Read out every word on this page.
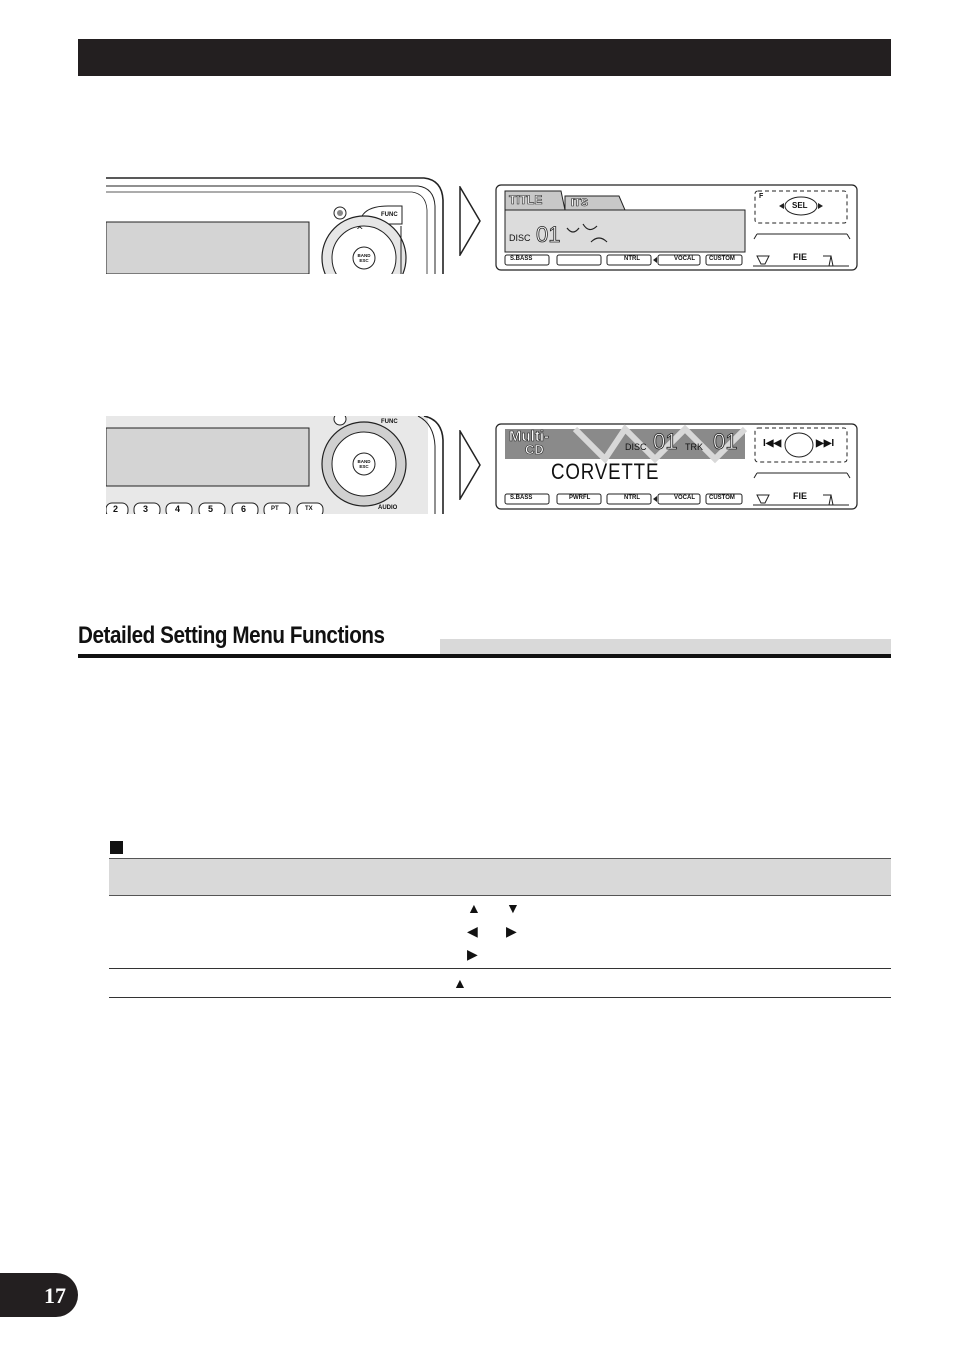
^
FUNC
BAND ESC
TITLE	ITS
DISC 01
F
SEL
FIE
S.BASS	NTRL	VOCAL CUSTOM
FUNC
BAND ESC
AUDIO
2	3	4	5	6	PT	TX
Multi-
CD	DISC 01 TRK 01
CORVETTE
I◀◀	▶▶I
FIE
S.BASS	PWRFL	NTRL	VOCAL CUSTOM
Detailed Setting Menu Functions
▲ ▼
◀ ▶
▶
▲
17
